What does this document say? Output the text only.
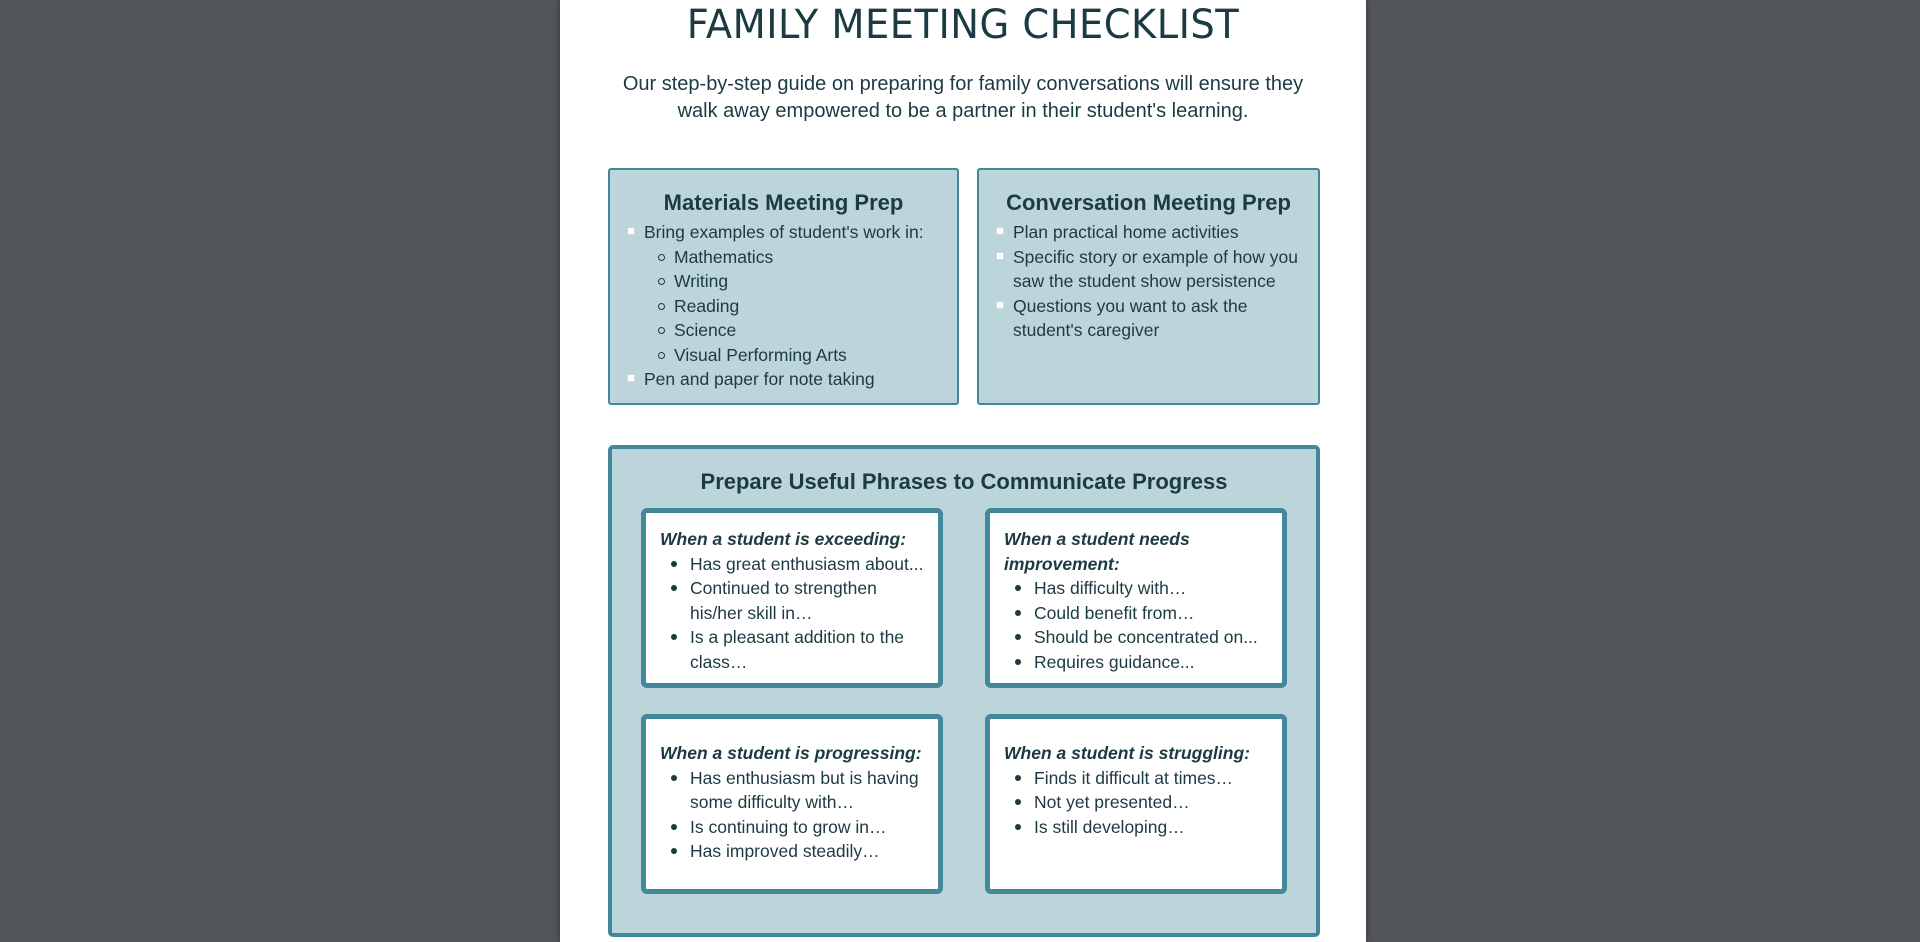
FAMILY MEETING CHECKLIST
Our step-by-step guide on preparing for family conversations will ensure they walk away empowered to be a partner in their student's learning.
Materials Meeting Prep
Bring examples of student's work in:
Mathematics
Writing
Reading
Science
Visual Performing Arts
Pen and paper for note taking
Conversation Meeting Prep
Plan practical home activities
Specific story or example of how you saw the student show persistence
Questions you want to ask the student's caregiver
Prepare Useful Phrases to Communicate Progress
When a student is exceeding:
Has great enthusiasm about...
Continued to strengthen his/her skill in…
Is a pleasant addition to the class…
When a student needs improvement:
Has difficulty with…
Could benefit from…
Should be concentrated on...
Requires guidance...
When a student is progressing:
Has enthusiasm but is having some difficulty with…
Is continuing to grow in…
Has improved steadily…
When a student is struggling:
Finds it difficult at times…
Not yet presented…
Is still developing…
